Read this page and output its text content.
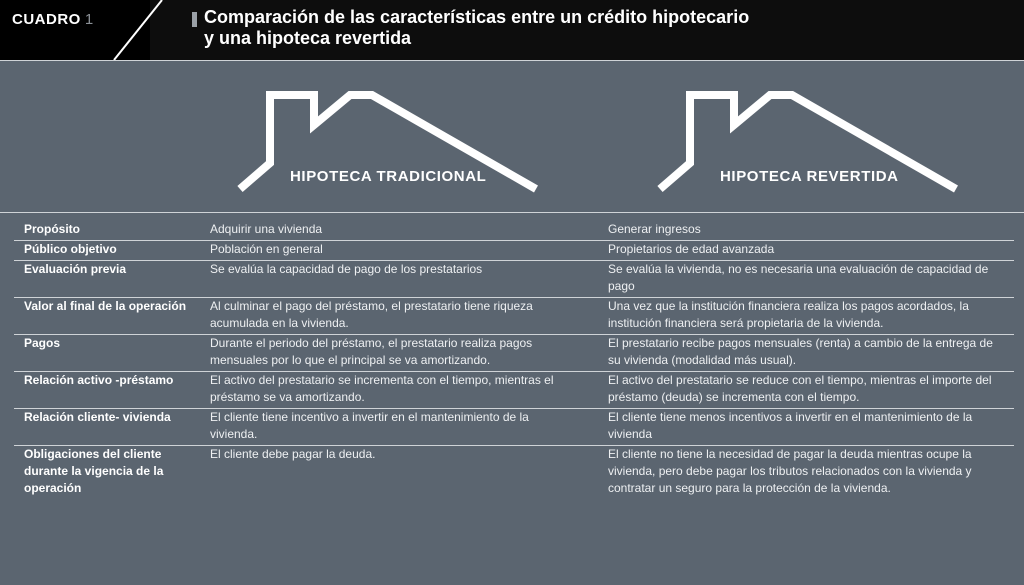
CUADRO 1	Comparación de las características entre un crédito hipotecario
y una hipoteca revertida
HIPOTECA TRADICIONAL	HIPOTECA REVERTIDA
Propósito	Adquirir una vivienda	Generar ingresos
Público objetivo	Población en general	Propietarios de edad avanzada
Evaluación previa	Se evalúa la capacidad de pago de los prestatarios	Se evalúa la vivienda, no es necesaria una evaluación de capacidad de pago
Valor al final de la operación	Al culminar el pago del préstamo, el prestatario tiene riqueza acumulada en la vivienda.	Una vez que la institución financiera realiza los pagos acordados, la institución financiera será propietaria de la vivienda.
Pagos	Durante el periodo del préstamo, el prestatario realiza pagos mensuales por lo que el principal se va amortizando.	El prestatario recibe pagos mensuales (renta) a cambio de la entrega de su vivienda (modalidad más usual).
Relación activo -préstamo	El activo del prestatario se incrementa con el tiempo, mientras el préstamo se va amortizando.	El activo del prestatario se reduce con el tiempo, mientras el importe del préstamo (deuda) se incrementa con el tiempo.
Relación cliente- vivienda	El cliente tiene incentivo a invertir en el mantenimiento de la vivienda.	El cliente tiene menos incentivos a invertir en el mantenimiento de la vivienda
Obligaciones del cliente durante la vigencia de la operación	El cliente debe pagar la deuda.	El cliente no tiene la necesidad de pagar la deuda mientras ocupe la vivienda, pero debe pagar los tributos relacionados con la vivienda y contratar un seguro para la protección de la vivienda.
